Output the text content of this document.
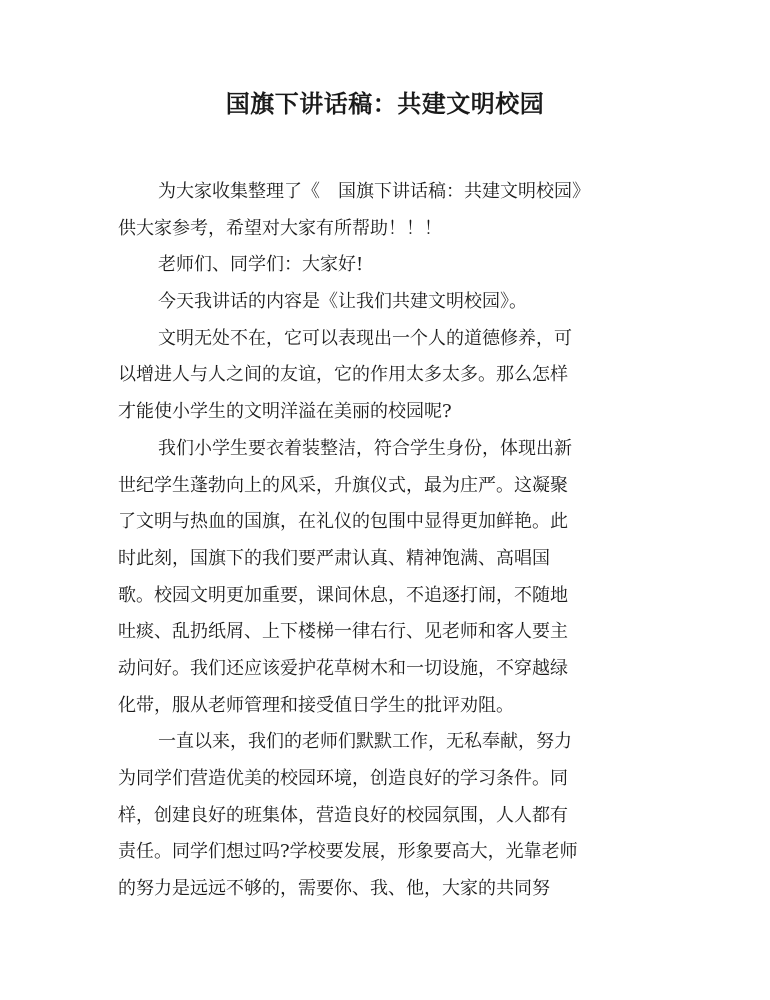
国旗下讲话稿：共建文明校园
为大家收集整理了《　国旗下讲话稿：共建文明校园》
供大家参考，希望对大家有所帮助！！！
老师们、同学们：大家好!
今天我讲话的内容是《让我们共建文明校园》。
文明无处不在，它可以表现出一个人的道德修养，可
以增进人与人之间的友谊，它的作用太多太多。那么怎样
才能使小学生的文明洋溢在美丽的校园呢?
我们小学生要衣着装整洁，符合学生身份，体现出新
世纪学生蓬勃向上的风采，升旗仪式，最为庄严。这凝聚
了文明与热血的国旗，在礼仪的包围中显得更加鲜艳。此
时此刻，国旗下的我们要严肃认真、精神饱满、高唱国
歌。校园文明更加重要，课间休息，不追逐打闹，不随地
吐痰、乱扔纸屑、上下楼梯一律右行、见老师和客人要主
动问好。我们还应该爱护花草树木和一切设施，不穿越绿
化带，服从老师管理和接受值日学生的批评劝阻。
一直以来，我们的老师们默默工作，无私奉献，努力
为同学们营造优美的校园环境，创造良好的学习条件。同
样，创建良好的班集体，营造良好的校园氛围，人人都有
责任。同学们想过吗?学校要发展，形象要高大，光靠老师
的努力是远远不够的，需要你、我、他，大家的共同努
